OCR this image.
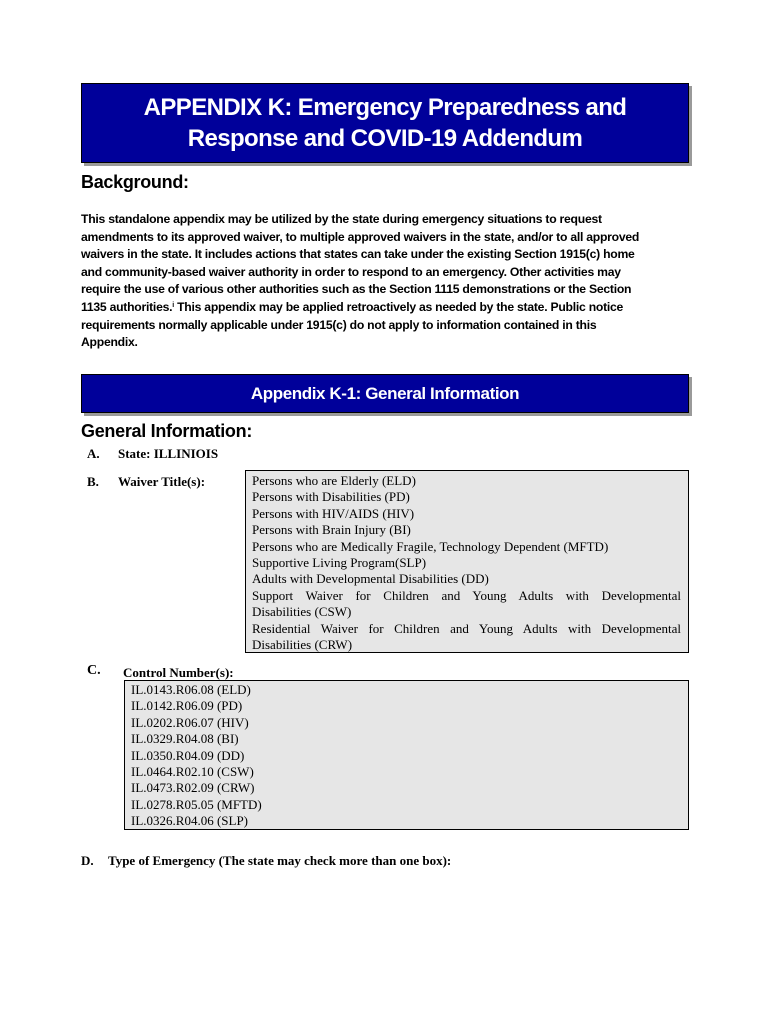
APPENDIX K: Emergency Preparedness and
Response and COVID-19 Addendum
Background:
This standalone appendix may be utilized by the state during emergency situations to request
amendments to its approved waiver, to multiple approved waivers in the state, and/or to all approved
waivers in the state. It includes actions that states can take under the existing Section 1915(c) home
and community-based waiver authority in order to respond to an emergency. Other activities may
require the use of various other authorities such as the Section 1115 demonstrations or the Section
1135 authorities.$^i$ This appendix may be applied retroactively as needed by the state. Public notice
requirements normally applicable under 1915(c) do not apply to information contained in this
Appendix.
Appendix K-1: General Information
General Information:
A. State: ILLINIOIS
B. Waiver Title(s):	Persons who are Elderly (ELD)
Persons with Disabilities (PD)
Persons with HIV/AIDS (HIV)
Persons with Brain Injury (BI)
Persons who are Medically Fragile, Technology Dependent (MFTD)
Supportive Living Program(SLP)
Adults with Developmental Disabilities (DD)
Support Waiver for Children and Young Adults with Developmental
Disabilities (CSW)
Residential Waiver for Children and Young Adults with Developmental
Disabilities (CRW)
C. Control Number(s):
IL.0143.R06.08 (ELD)
IL.0142.R06.09 (PD)
IL.0202.R06.07 (HIV)
IL.0329.R04.08 (BI)
IL.0350.R04.09 (DD)
IL.0464.R02.10 (CSW)
IL.0473.R02.09 (CRW)
IL.0278.R05.05 (MFTD)
IL.0326.R04.06 (SLP)
D. Type of Emergency (The state may check more than one box):
